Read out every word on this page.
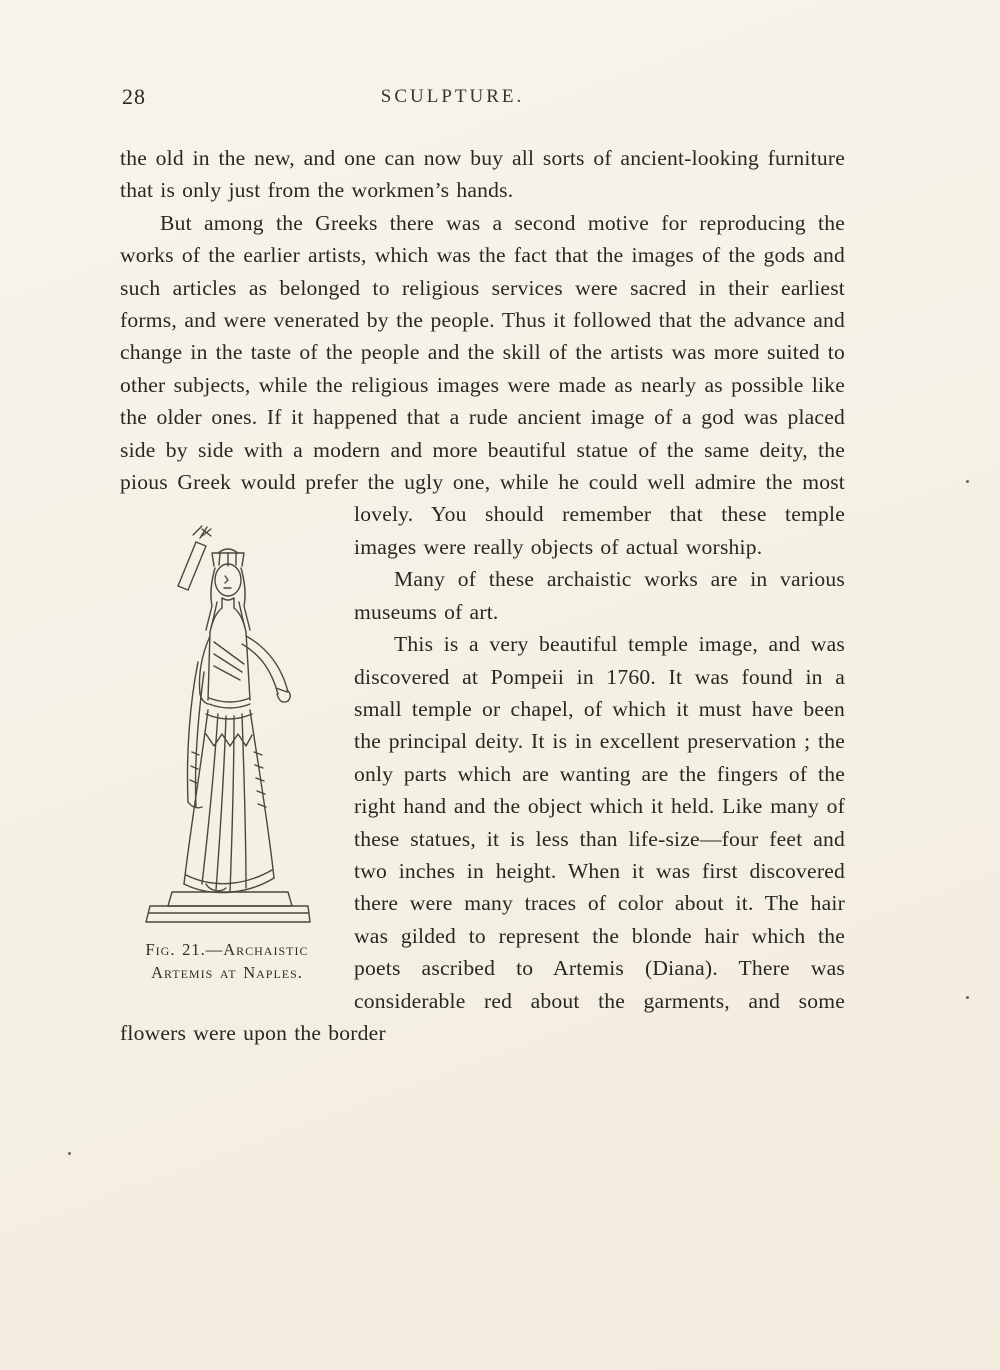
28	SCULPTURE.

the old in the new, and one can now buy all sorts of ancient-looking furniture that is only just from the workmen’s hands.

But among the Greeks there was a second motive for reproducing the works of the earlier artists, which was the fact that the images of the gods and such articles as belonged to religious services were sacred in their earliest forms, and were venerated by the people. Thus it followed that the advance and change in the taste of the people and the skill of the artists was more suited to other subjects, while the religious images were made as nearly as possible like the older ones. If it happened that a rude ancient image of a god was placed side by side with a modern and more beautiful statue of the same deity, the pious Greek would prefer the ugly one, while he could well admire the
Fig. 21.—Archaistic
Artemis at Naples.
most lovely. You should remember that these temple images were really objects of actual worship.

Many of these archaistic works are in various museums of art.

This is a very beautiful temple image, and was discovered at Pompeii in 1760. It was found in a small temple or chapel, of which it must have been the principal deity. It is in excellent preservation ; the only parts which are wanting are the fingers of the right hand and the object which it held. Like many of these statues, it is less than life-size—four feet and two inches in height. When it was first discovered there were many traces of color about it. The hair was gilded to represent the blonde hair which the poets ascribed to Artemis (Diana). There was considerable red about the garments, and some flowers were upon the border
